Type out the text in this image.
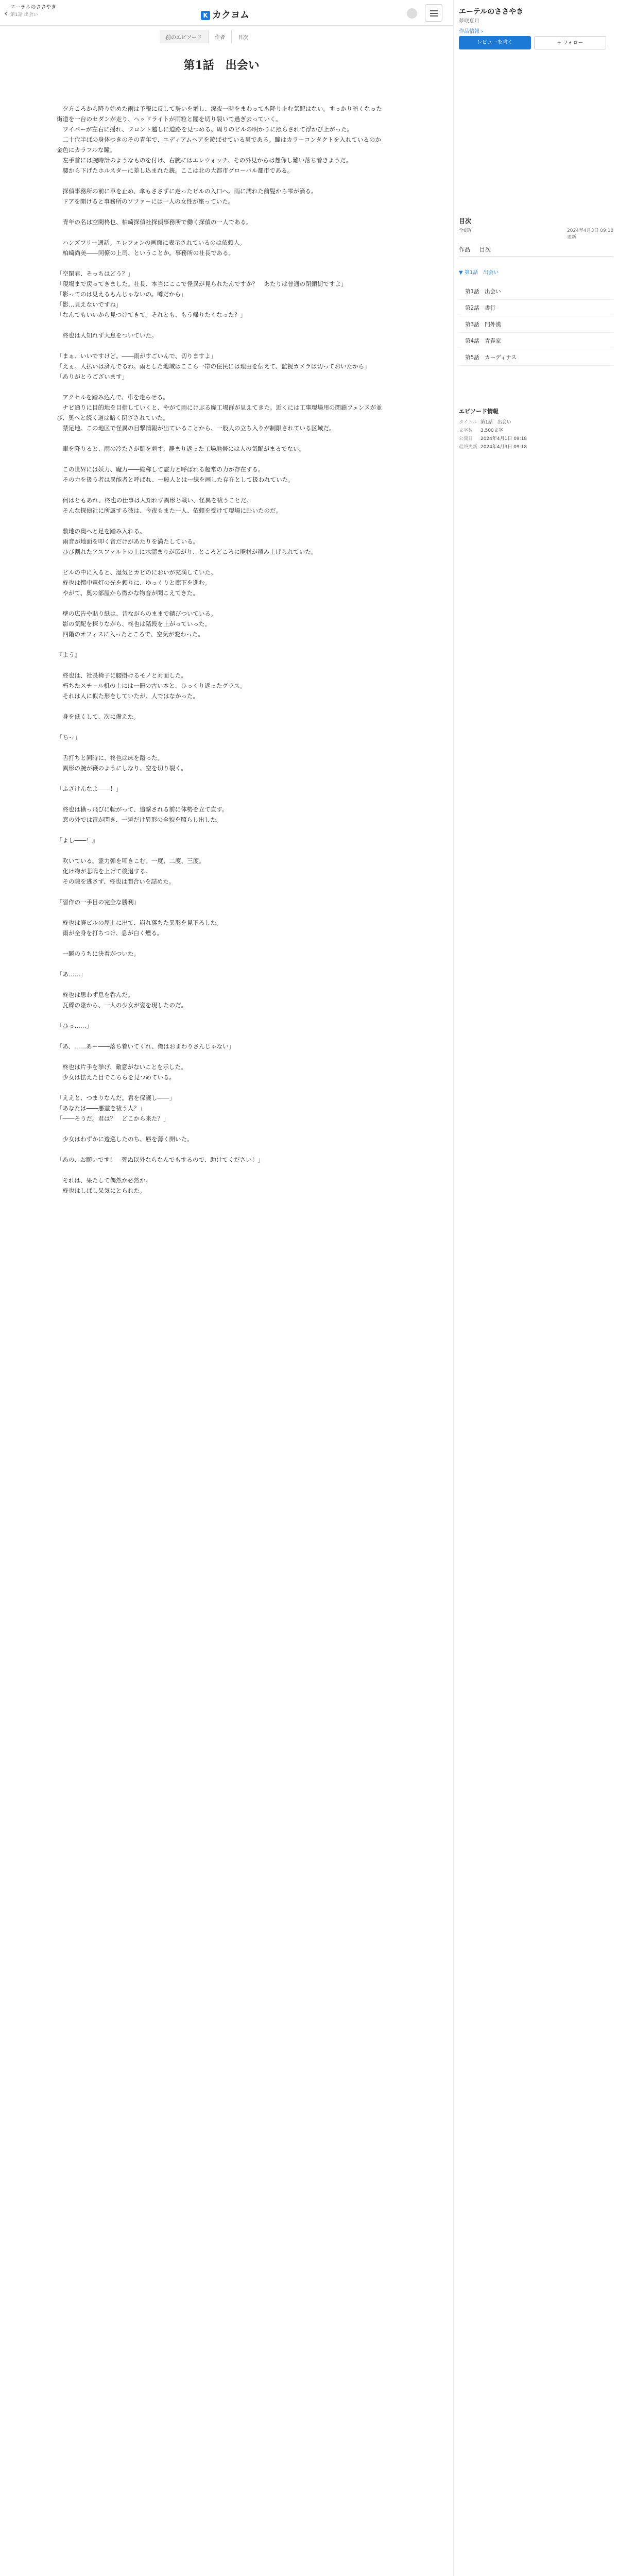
‹
エーテルのささやき
第1話 出会い	K カクヨム
前のエピソード	作者	目次
第1話　出会い

　夕方ころから降り始めた雨は予報に反して勢いを増し、深夜一時をまわっても降り止む気配はない。すっかり暗くなった街道を一台のセダンが走り、ヘッドライトが雨粒と闇を切り裂いて過ぎ去っていく。
　ワイパーが左右に揺れ、フロント越しに道路を見つめる。周りのビルの明かりに照らされて浮かび上がった。
　二十代半ばの身体つきのその青年で、エディアムヘアを遊ばせている男である。瞳はカラーコンタクトを入れているのか金色にカラフルな瞳。
　左手首には腕時計のようなものを付け、右腕にはエレウォッチ。その外見からは想像し難い落ち着きようだ。
　腰から下げたホルスターに差し込まれた銃。ここは北の大都市グローバル都市である。

　探偵事務所の前に車を止め、傘もささずに走ったビルの入口へ。雨に濡れた前髪から雫が滴る。
　ドアを開けると事務所のソファーには一人の女性が座っていた。

　青年の名は空閑柊也、柏崎探偵社探偵事務所で働く探偵の一人である。

　ハンズフリー通話。エレフォンの画面に表示されているのは依頼人。
　柏崎尚美――同僚の上司、ということか。事務所の社長である。

「空閑君、そっちはどう？」
「現場まで戻ってきました。社長、本当にここで怪異が見られたんですか？　あたりは普通の閉鎖街ですよ」
「影ってのは見えるもんじゃないの。噂だから」
「影…見えないですね」
「なんでもいいから見つけてきて。それとも、もう帰りたくなった？」

　柊也は人知れず大息をついていた。

「まぁ、いいですけど。――雨がすごいんで、切りますよ」
「えぇ。人払いは済んでるわ。雨とした地域はここら一帯の住民には理由を伝えて、監視カメラは切っておいたから」
「ありがとうございます」

　アクセルを踏み込んで、車を走らせる。
　ナビ通りに目的地を目指していくと、やがて雨にけぶる廃工場群が見えてきた。近くには工事現場用の閉鎖フェンスが並び、奥へと続く道は暗く閉ざされていた。
　禁足地。この地区で怪異の目撃情報が出ていることから、一般人の立ち入りが制限されている区域だ。

　車を降りると、雨の冷たさが肌を刺す。静まり返った工場地帯には人の気配がまるでない。

　この世界には妖力、魔力――総称して霊力と呼ばれる超常の力が存在する。
　その力を扱う者は異能者と呼ばれ、一般人とは一線を画した存在として扱われていた。

　何はともあれ、柊也の仕事は人知れず異形と戦い、怪異を祓うことだ。
　そんな探偵社に所属する彼は、今夜もまた一人、依頼を受けて現場に赴いたのだ。

　敷地の奥へと足を踏み入れる。
　雨音が地面を叩く音だけがあたりを満たしている。
　ひび割れたアスファルトの上に水溜まりが広がり、ところどころに廃材が積み上げられていた。

　ビルの中に入ると、湿気とカビのにおいが充満していた。
　柊也は懐中電灯の光を頼りに、ゆっくりと廊下を進む。
　やがて、奥の部屋から微かな物音が聞こえてきた。

　壁の広告や貼り紙は、昔ながらのままで錆びついている。
　影の気配を探りながら、柊也は階段を上がっていった。
　四階のオフィスに入ったところで、空気が変わった。

『よう』

　柊也は、社長椅子に腰掛けるモノと対面した。
　朽ちたスチール机の上には一冊の古い本と、ひっくり返ったグラス。
　それは人に似た形をしていたが、人ではなかった。

　身を低くして、次に備えた。

「ちっ」

　舌打ちと同時に、柊也は床を蹴った。
　異形の腕が鞭のようにしなり、空を切り裂く。

「ふざけんなよ――！」

　柊也は横っ飛びに転がって、追撃される前に体勢を立て直す。
　窓の外では雷が閃き、一瞬だけ異形の全貌を照らし出した。

『よし――！』

　吹いている。霊力弾を叩きこむ。一度、二度、三度。
　化け物が悲鳴を上げて後退する。
　その隙を逃さず、柊也は間合いを詰めた。

『習作の一手目の完全な勝利』

　柊也は廃ビルの屋上に出て、崩れ落ちた異形を見下ろした。
　雨が全身を打ちつけ、息が白く煙る。

　一瞬のうちに決着がついた。

「あ……」

　柊也は思わず息を呑んだ。
　瓦礫の陰から、一人の少女が姿を現したのだ。

「ひっ……」

「あ、……あー――落ち着いてくれ、俺はおまわりさんじゃない」

　柊也は片手を挙げ、敵意がないことを示した。
　少女は怯えた目でこちらを見つめている。

「ええと、つまりなんだ。君を保護し――」
「あなたは――悪霊を祓う人？」
「――そうだ。君は？　どこから来た？」

　少女はわずかに逡巡したのち、唇を薄く開いた。

「あの、お願いです！　死ぬ以外ならなんでもするので、助けてください！」

　それは、果たして偶然か必然か。
　柊也はしばし呆気にとられた。

エーテルのささやき
夢咲夏月
作品情報 ›
レビューを書く	+ フォロー
目次
全6話	2024年4月3日 09:18 更新
作品 目次
▼ 第1話　出会い
第1話　出会い
第2話　書行
第3話　門外漢
第4話　青春家
第5話　カーディナス
エピソード情報
タイトル 第1話　出会い
文字数 3,500文字
公開日 2024年4月1日 09:18
最終更新 2024年4月3日 09:18
